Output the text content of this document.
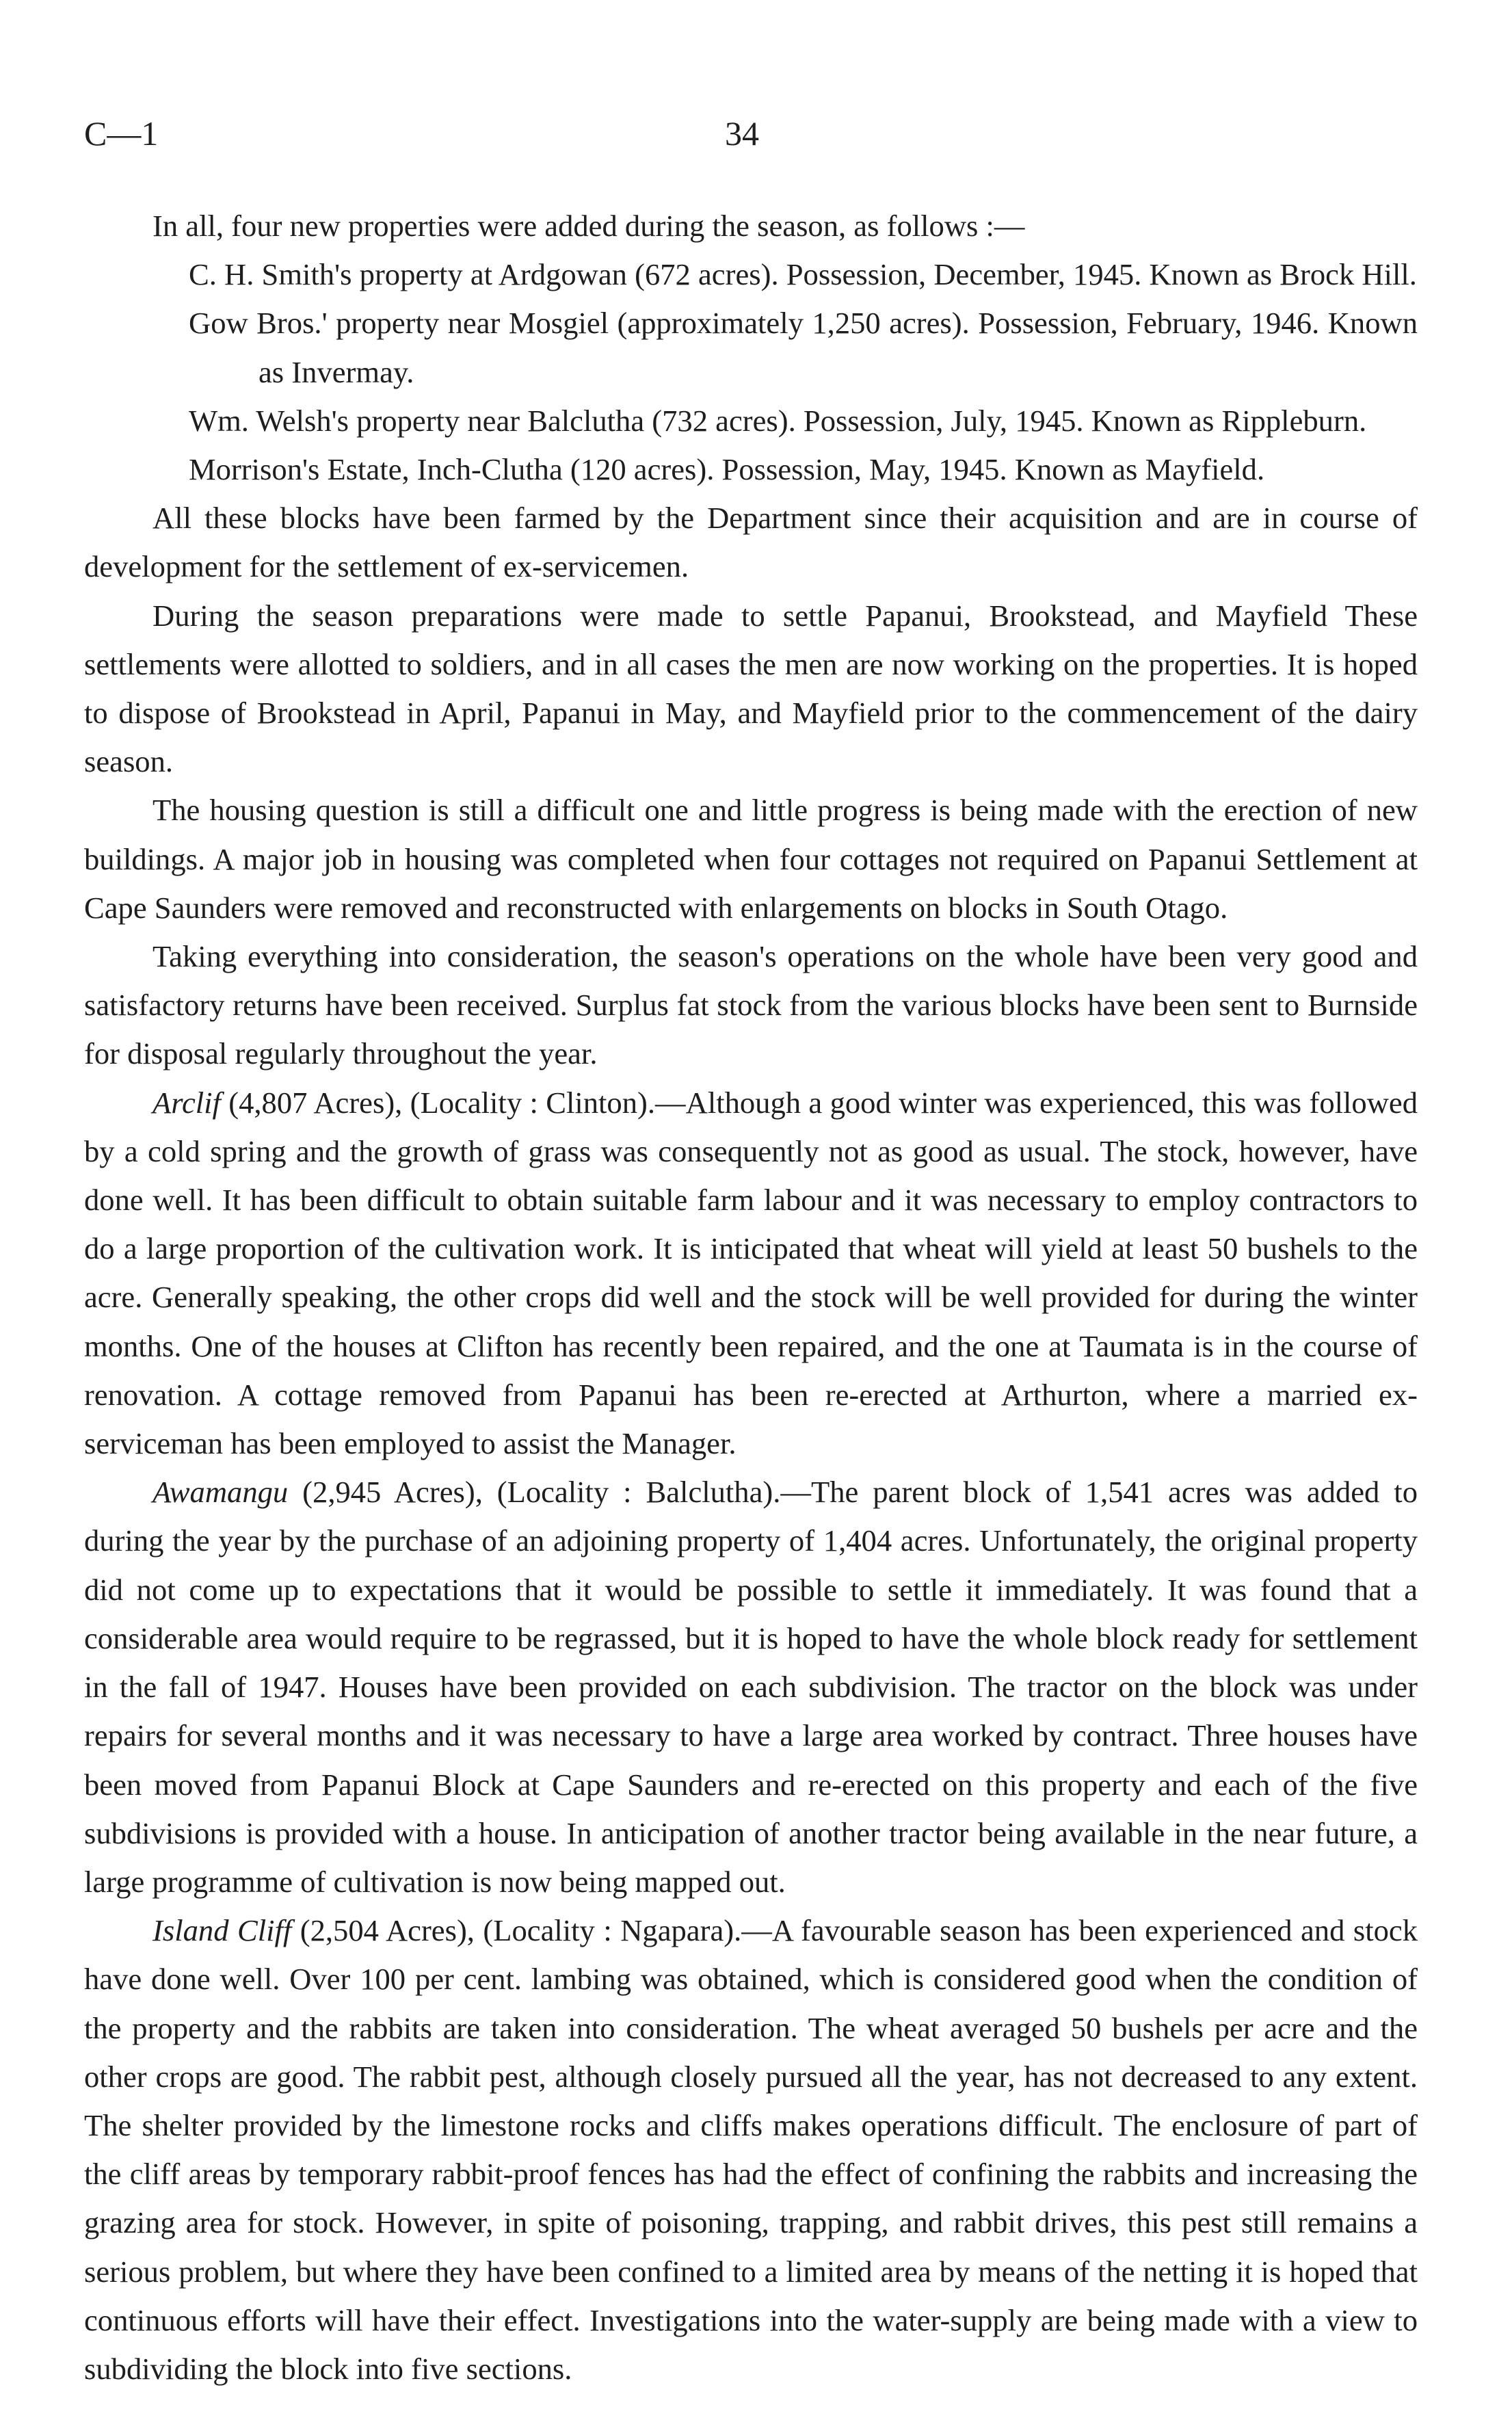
C—1	34

In all, four new properties were added during the season, as follows :—

C. H. Smith's property at Ardgowan (672 acres). Possession, December, 1945. Known as Brock Hill.
Gow Bros.' property near Mosgiel (approximately 1,250 acres). Possession, February, 1946. Known as Invermay.
Wm. Welsh's property near Balclutha (732 acres). Possession, July, 1945. Known as Rippleburn.
Morrison's Estate, Inch-Clutha (120 acres). Possession, May, 1945. Known as Mayfield.

All these blocks have been farmed by the Department since their acquisition and are in course of development for the settlement of ex-servicemen.

During the season preparations were made to settle Papanui, Brookstead, and Mayfield These settlements were allotted to soldiers, and in all cases the men are now working on the properties. It is hoped to dispose of Brookstead in April, Papanui in May, and Mayfield prior to the commencement of the dairy season.

The housing question is still a difficult one and little progress is being made with the erection of new buildings. A major job in housing was completed when four cottages not required on Papanui Settlement at Cape Saunders were removed and reconstructed with enlargements on blocks in South Otago.

Taking everything into consideration, the season's operations on the whole have been very good and satisfactory returns have been received. Surplus fat stock from the various blocks have been sent to Burnside for disposal regularly throughout the year.

Arclif (4,807 Acres), (Locality : Clinton).—Although a good winter was experienced, this was followed by a cold spring and the growth of grass was consequently not as good as usual. The stock, however, have done well. It has been difficult to obtain suitable farm labour and it was necessary to employ contractors to do a large proportion of the cultivation work. It is inticipated that wheat will yield at least 50 bushels to the acre. Generally speaking, the other crops did well and the stock will be well provided for during the winter months. One of the houses at Clifton has recently been repaired, and the one at Taumata is in the course of renovation. A cottage removed from Papanui has been re-erected at Arthurton, where a married ex-serviceman has been employed to assist the Manager.

Awamangu (2,945 Acres), (Locality : Balclutha).—The parent block of 1,541 acres was added to during the year by the purchase of an adjoining property of 1,404 acres. Unfortunately, the original property did not come up to expectations that it would be possible to settle it immediately. It was found that a considerable area would require to be regrassed, but it is hoped to have the whole block ready for settlement in the fall of 1947. Houses have been provided on each subdivision. The tractor on the block was under repairs for several months and it was necessary to have a large area worked by contract. Three houses have been moved from Papanui Block at Cape Saunders and re-erected on this property and each of the five subdivisions is provided with a house. In anticipation of another tractor being available in the near future, a large programme of cultivation is now being mapped out.

Island Cliff (2,504 Acres), (Locality : Ngapara).—A favourable season has been experienced and stock have done well. Over 100 per cent. lambing was obtained, which is considered good when the condition of the property and the rabbits are taken into consideration. The wheat averaged 50 bushels per acre and the other crops are good. The rabbit pest, although closely pursued all the year, has not decreased to any extent. The shelter provided by the limestone rocks and cliffs makes operations difficult. The enclosure of part of the cliff areas by temporary rabbit-proof fences has had the effect of confining the rabbits and increasing the grazing area for stock. However, in spite of poisoning, trapping, and rabbit drives, this pest still remains a serious problem, but where they have been confined to a limited area by means of the netting it is hoped that continuous efforts will have their effect. Investigations into the water-supply are being made with a view to subdividing the block into five sections.
